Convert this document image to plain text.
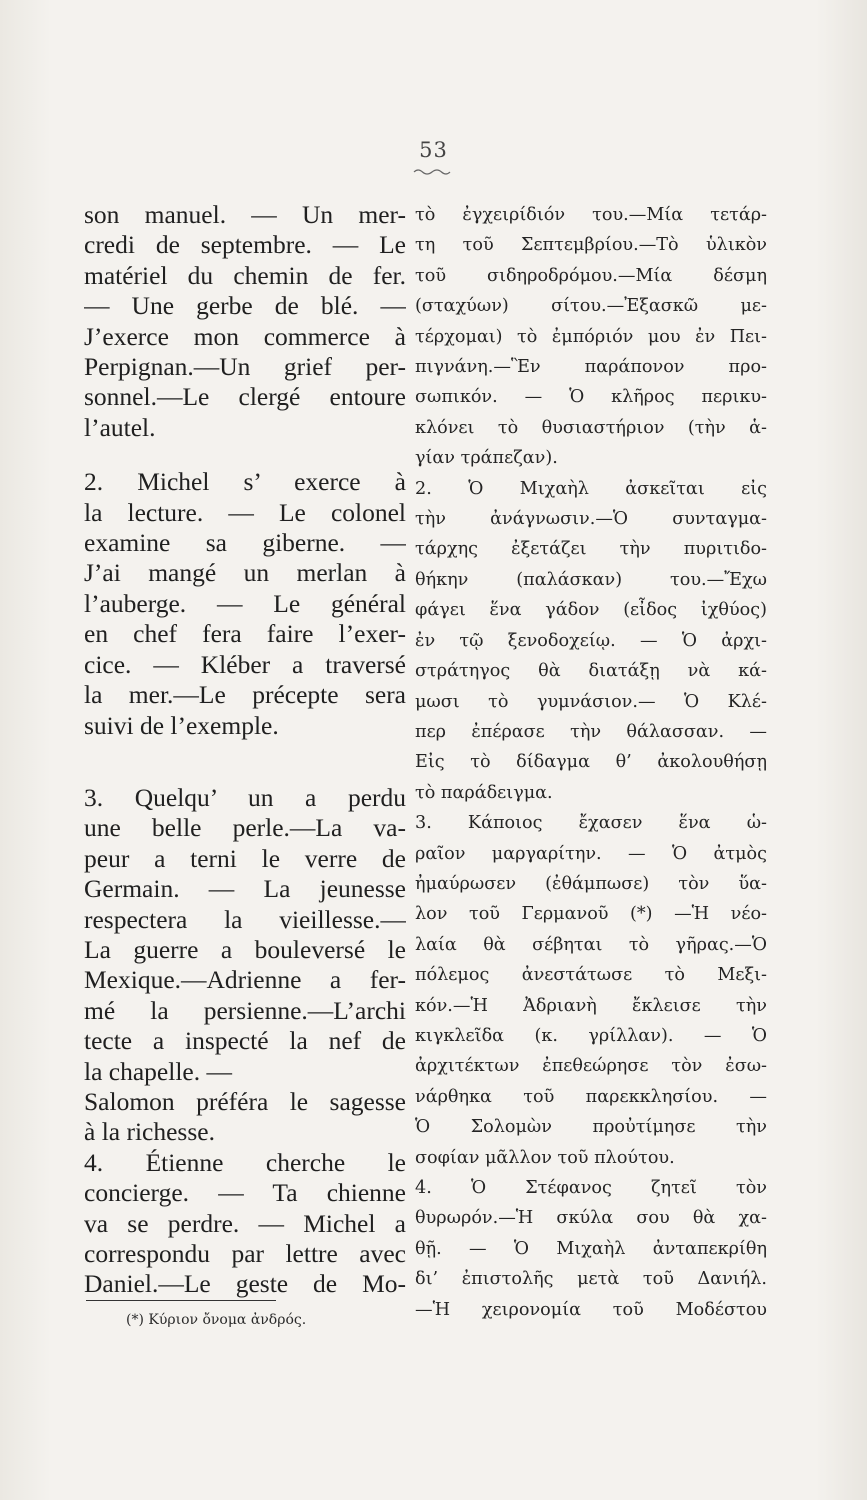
53
son manuel. — Un mer-
credi de septembre. — Le
matériel du chemin de fer.
— Une gerbe de blé. —
J’exerce mon commerce à
Perpignan.—Un grief per-
sonnel.—Le clergé entoure
l’autel.
2. Michel s’ exerce à
la lecture. — Le colonel
examine sa giberne. —
J’ai mangé un merlan à
l’auberge. — Le général
en chef fera faire l’exer-
cice. — Kléber a traversé
la mer.—Le précepte sera
suivi de l’exemple.
3. Quelqu’ un a perdu
une belle perle.—La va-
peur a terni le verre de
Germain. — La jeunesse
respectera la vieillesse.—
La guerre a bouleversé le
Mexique.—Adrienne a fer-
mé la persienne.—L’archi
tecte a inspecté la nef de
la chapelle. —
Salomon préféra le sagesse
à la richesse.
4. Étienne cherche le
concierge. — Ta chienne
va se perdre. — Michel a
correspondu par lettre avec
Daniel.—Le geste de Mo-
τὸ ἐγχειρίδιόν του.—Μία τετάρ-
τη τοῦ Σεπτεμβρίου.—Τὸ ὑλικὸν
τοῦ σιδηροδρόμου.—Μία δέσμη
(σταχύων) σίτου.—Ἐξασκῶ με-
τέρχομαι) τὸ ἐμπόριόν μου ἐν Πει-
πιγνάνη.—Ἓν παράπονον προ-
σωπικόν. — Ὁ κλῆρος περικυ-
κλόνει τὸ θυσιαστήριον (τὴν ἁ-
γίαν τράπεζαν).
2. Ὁ Μιχαὴλ ἀσκεῖται εἰς
τὴν ἀνάγνωσιν.—Ὁ συνταγμα-
τάρχης ἐξετάζει τὴν πυριτιδο-
θήκην (παλάσκαν) του.—Ἔχω
φάγει ἕνα γάδον (εἶδος ἰχθύος)
ἐν τῷ ξενοδοχείῳ. — Ὁ ἀρχι-
στράτηγος θὰ διατάξῃ νὰ κά-
μωσι τὸ γυμνάσιον.— Ὁ Κλέ-
περ ἐπέρασε τὴν θάλασσαν. —
Εἰς τὸ δίδαγμα θ’ ἀκολουθήσῃ
τὸ παράδειγμα.
3. Κάποιος ἔχασεν ἕνα ὡ-
ραῖον μαργαρίτην. — Ὁ ἀτμὸς
ἠμαύρωσεν (ἐθάμπωσε) τὸν ὕα-
λον τοῦ Γερμανοῦ (*) —Ἡ νέο-
λαία θὰ σέβηται τὸ γῆρας.—Ὁ
πόλεμος ἀνεστάτωσε τὸ Μεξι-
κόν.—Ἡ Ἀδριανὴ ἔκλεισε τὴν
κιγκλεῖδα (κ. γρίλλαν). — Ὁ
ἀρχιτέκτων ἐπεθεώρησε τὸν ἐσω-
νάρθηκα τοῦ παρεκκλησίου. —
Ὁ Σολομὼν προὐτίμησε τὴν
σοφίαν μᾶλλον τοῦ πλούτου.
4. Ὁ Στέφανος ζητεῖ τὸν
θυρωρόν.—Ἡ σκύλα σου θὰ χα-
θῇ. — Ὁ Μιχαὴλ ἀνταπεκρίθη
δι’ ἐπιστολῆς μετὰ τοῦ Δανιήλ.
—Ἡ χειρονομία τοῦ Μοδέστου
(*) Κύριον ὄνομα ἀνδρός.
